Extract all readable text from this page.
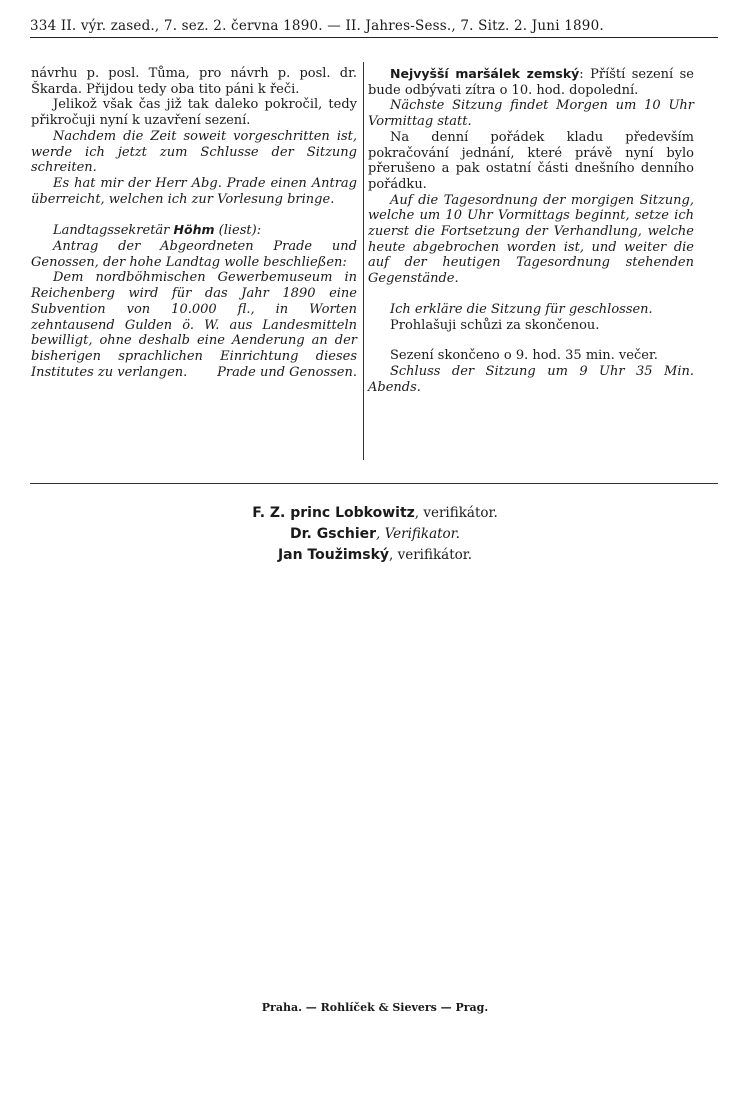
334 II. výr. zased., 7. sez. 2. června 1890. — II. Jahres-Sess., 7. Sitz. 2. Juni 1890.

návrhu p. posl. Tůma, pro návrh p. posl. dr. Škarda. Přijdou tedy oba tito páni k řeči.

Jelikož však čas již tak daleko pokročil, tedy přikročuji nyní k uzavření sezení.

Nachdem die Zeit soweit vorgeschritten ist, werde ich jetzt zum Schlusse der Sitzung schreiten.

Es hat mir der Herr Abg. Prade einen Antrag überreicht, welchen ich zur Vorlesung bringe.

Landtagssekretär Höhm (liest):

Antrag der Abgeordneten Prade und Genossen, der hohe Landtag wolle beschließen:

Dem nordböhmischen Gewerbemuseum in Reichenberg wird für das Jahr 1890 eine Subvention von 10.000 fl., in Worten zehntausend Gulden ö. W. aus Landesmitteln bewilligt, ohne deshalb eine Aenderung an der bisherigen sprachlichen Einrichtung dieses Institutes zu verlangen.	Prade und Genossen.

Nejvyšší maršálek zemský: Příští sezení se bude odbývati zítra o 10. hod. dopolední.

Nächste Sitzung findet Morgen um 10 Uhr Vormittag statt.

Na denní pořádek kladu především pokračování jednání, které právě nyní bylo přerušeno a pak ostatní části dnešního denního pořádku.

Auf die Tagesordnung der morgigen Sitzung, welche um 10 Uhr Vormittags beginnt, setze ich zuerst die Fortsetzung der Verhandlung, welche heute abgebrochen worden ist, und weiter die auf der heutigen Tagesordnung stehenden Gegenstände.

Ich erkläre die Sitzung für geschlossen.

Prohlašuji schůzi za skončenou.

Sezení skončeno o 9. hod. 35 min. večer.

Schluss der Sitzung um 9 Uhr 35 Min. Abends.

F. Z. princ Lobkowitz, verifikátor.
Dr. Gschier, Verifikator.
Jan Toužimský, verifikátor.
Praha. — Rohlíček & Sievers — Prag.
